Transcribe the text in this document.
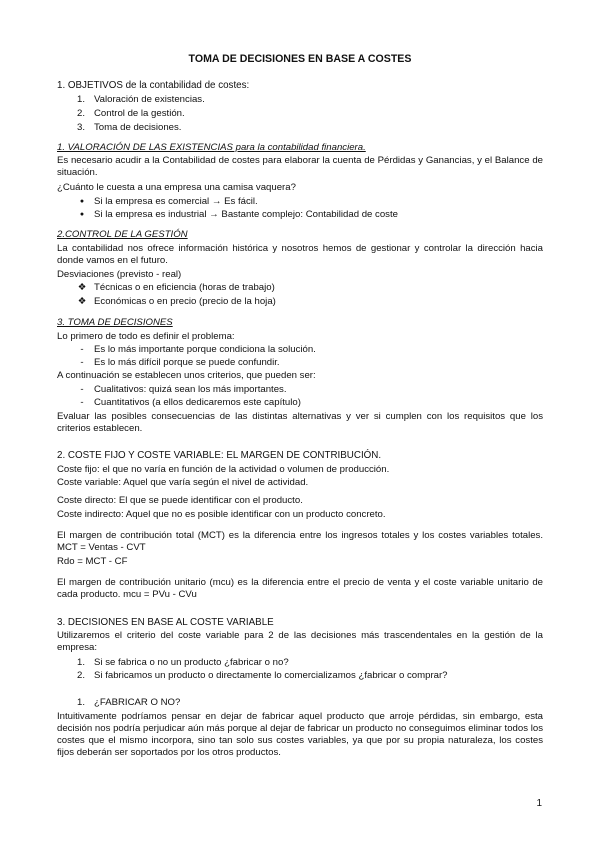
TOMA DE DECISIONES EN BASE A COSTES
1. OBJETIVOS de la contabilidad de costes:
1. Valoración de existencias.
2. Control de la gestión.
3. Toma de decisiones.
1. VALORACIÓN DE LAS EXISTENCIAS para la contabilidad financiera.
Es necesario acudir a la Contabilidad de costes para elaborar la cuenta de Pérdidas y Ganancias, y el Balance de situación.
¿Cuánto le cuesta a una empresa una camisa vaquera?
●	Si la empresa es comercial → Es fácil.
●	Si la empresa es industrial → Bastante complejo: Contabilidad de coste
2.CONTROL DE LA GESTIÓN
La contabilidad nos ofrece información histórica y nosotros hemos de gestionar y controlar la dirección hacia donde vamos en el futuro.
Desviaciones (previsto - real)
❖ Técnicas o en eficiencia (horas de trabajo)
❖ Económicas o en precio (precio de la hoja)
3. TOMA DE DECISIONES
Lo primero de todo es definir el problema:
-	Es lo más importante porque condiciona la solución.
-	Es lo más difícil porque se puede confundir.
A continuación se establecen unos criterios, que pueden ser:
-	Cualitativos: quizá sean los más importantes.
-	Cuantitativos (a ellos dedicaremos este capítulo)
Evaluar las posibles consecuencias de las distintas alternativas y ver si cumplen con los requisitos que los criterios establecen.
2. COSTE FIJO Y COSTE VARIABLE: EL MARGEN DE CONTRIBUCIÓN.
Coste fijo: el que no varía en función de la actividad o volumen de producción.
Coste variable: Aquel que varía según el nivel de actividad.
Coste directo: El que se puede identificar con el producto.
Coste indirecto: Aquel que no es posible identificar con un producto concreto.
El margen de contribución total (MCT) es la diferencia entre los ingresos totales y los costes variables totales. MCT = Ventas - CVT
Rdo = MCT - CF
El margen de contribución unitario (mcu) es la diferencia entre el precio de venta y el coste variable unitario de cada producto. mcu = PVu - CVu
3. DECISIONES EN BASE AL COSTE VARIABLE
Utilizaremos el criterio del coste variable para 2 de las decisiones más trascendentales en la gestión de la empresa:
1. Si se fabrica o no un producto ¿fabricar o no?
2. Si fabricamos un producto o directamente lo comercializamos ¿fabricar o comprar?
1. ¿FABRICAR O NO?
Intuitivamente podríamos pensar en dejar de fabricar aquel producto que arroje pérdidas, sin embargo, esta decisión nos podría perjudicar aún más porque al dejar de fabricar un producto no conseguimos eliminar todos los costes que el mismo incorpora, sino tan solo sus costes variables, ya que por su propia naturaleza, los costes fijos deberán ser soportados por los otros productos.
1
